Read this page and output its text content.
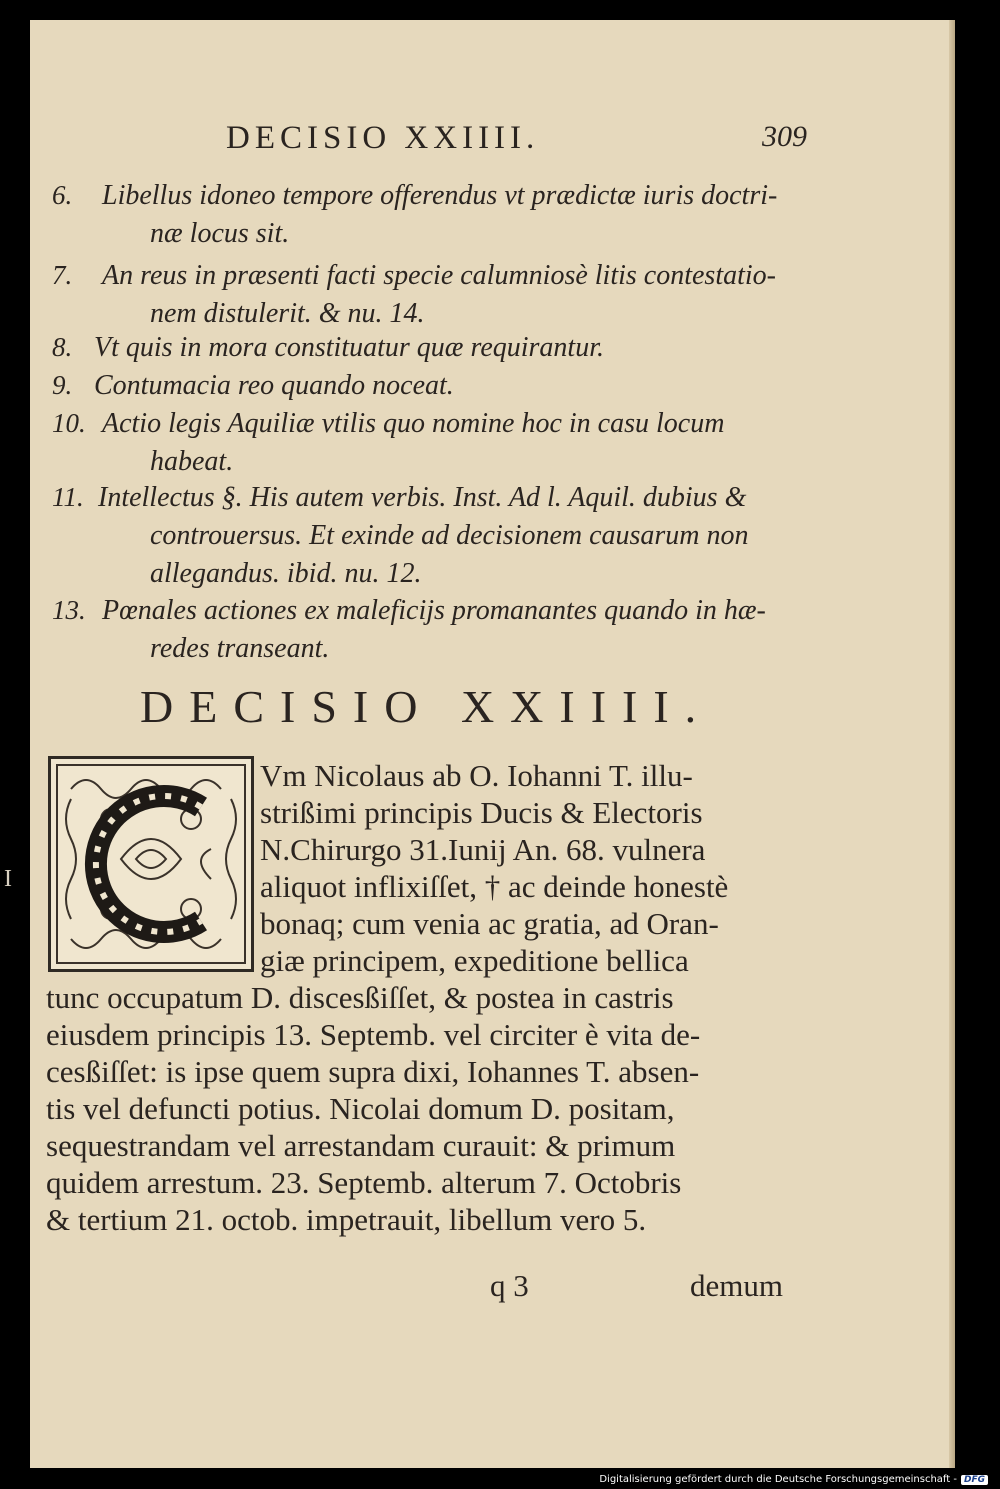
DECISIO XXIIII.	309
6. Libellus idoneo tempore offerendus vt prædictæ iuris doctri-
næ locus sit.
7. An reus in præsenti facti specie calumniosè litis contestatio-
nem distulerit. & nu. 14.
8. Vt quis in mora constituatur quæ requirantur.
9. Contumacia reo quando noceat.
10. Actio legis Aquiliæ vtilis quo nomine hoc in casu locum
habeat.
11. Intellectus §. His autem verbis. Inst. Ad l. Aquil. dubius &
controuersus. Et exinde ad decisionem causarum non
allegandus. ibid. nu. 12.
13. Pœnales actiones ex maleficijs promanantes quando in hæ-
redes transeant.
DECISIO XXIIII.
Vm Nicolaus ab O. Iohanni T. illu-
strißimi principis Ducis & Electoris
N.Chirurgo 31.Iunij An. 68. vulnera
aliquot inflixiſſet, † ac deinde honestè
bonaq; cum venia ac gratia, ad Oran-
giæ principem, expeditione bellica
tunc occupatum D. discesßiſſet, & postea in castris
eiusdem principis 13. Septemb. vel circiter è vita de-
cesßiſſet: is ipse quem supra dixi, Iohannes T. absen-
tis vel defuncti potius. Nicolai domum D. positam,
sequestrandam vel arrestandam curauit: & primum
quidem arrestum. 23. Septemb. alterum 7. Octobris
& tertium 21. octob. impetrauit, libellum vero 5.
q 3	demum
I
Digitalisierung gefördert durch die Deutsche Forschungsgemeinschaft - DFG
